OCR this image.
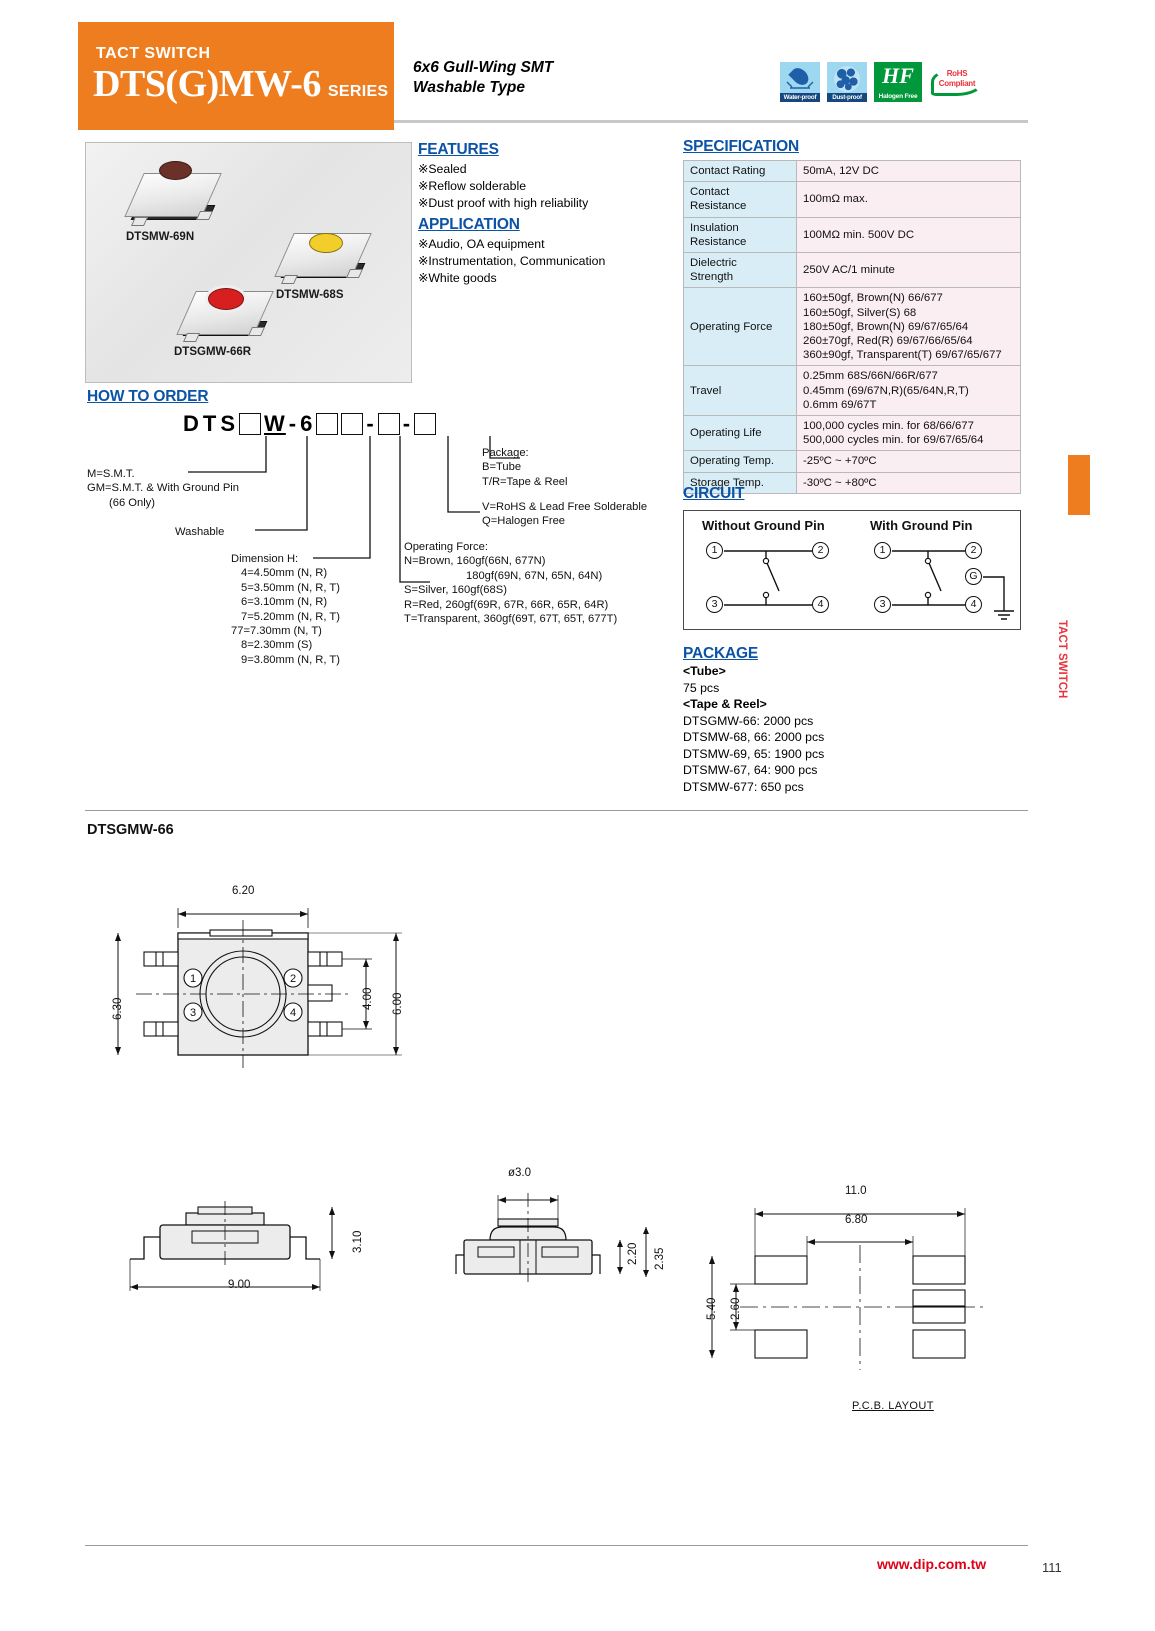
TACT SWITCH
DTS(G)MW-6 SERIES
6x6 Gull-Wing SMT
Washable Type
Water-proof	Dust-proof
HF
Halogen Free
RoHS
Compliant
DTSMW-69N
DTSMW-68S
DTSGMW-66R
FEATURES
※Sealed
※Reflow solderable
※Dust proof with high reliability
APPLICATION
※Audio, OA equipment
※Instrumentation, Communication
※White goods
SPECIFICATION
Contact Rating	50mA, 12V DC
Contact
Resistance	100mΩ max.
Insulation
Resistance	100MΩ min. 500V DC
Dielectric
Strength	250V AC/1 minute
Operating Force	160±50gf, Brown(N) 66/677
160±50gf, Silver(S) 68
180±50gf, Brown(N) 69/67/65/64
260±70gf, Red(R) 69/67/66/65/64
360±90gf, Transparent(T) 69/67/65/677
Travel	0.25mm 68S/66N/66R/677
0.45mm (69/67N,R)(65/64N,R,T)
0.6mm 69/67T
Operating Life	100,000 cycles min. for 68/66/677
500,000 cycles min. for 69/67/65/64
Operating Temp.	-25ºC ~ +70ºC
Storage Temp.	-30ºC ~ +80ºC
HOW TO ORDER
D T S W - 6 - -
M=S.M.T.
GM=S.M.T. & With Ground Pin
(66 Only)
Washable
Dimension H:
4=4.50mm (N, R)
5=3.50mm (N, R, T)
6=3.10mm (N, R)
7=5.20mm (N, R, T)
77=7.30mm (N, T)
8=2.30mm (S)
9=3.80mm (N, R, T)
Operating Force:
N=Brown, 160gf(66N, 677N)
180gf(69N, 67N, 65N, 64N)
S=Silver, 160gf(68S)
R=Red, 260gf(69R, 67R, 66R, 65R, 64R)
T=Transparent, 360gf(69T, 67T, 65T, 677T)
V=RoHS & Lead Free Solderable
Q=Halogen Free
Package:
B=Tube
T/R=Tape & Reel
CIRCUIT
Without Ground Pin	With Ground Pin
1	2
3	4
1	2
3	4
G
PACKAGE
<Tube>
75 pcs
<Tape & Reel>
DTSGMW-66: 2000 pcs
DTSMW-68, 66: 2000 pcs
DTSMW-69, 65: 1900 pcs
DTSMW-67, 64: 900 pcs
DTSMW-677: 650 pcs
DTSGMW-66
1	2
3	4
6.20
6.30	4.00 6.00
3.10
9.00
ø3.0
2.20 2.35
11.0
6.80
5.40 2.60
P.C.B. LAYOUT
TACT SWITCH
www.dip.com.tw	111
